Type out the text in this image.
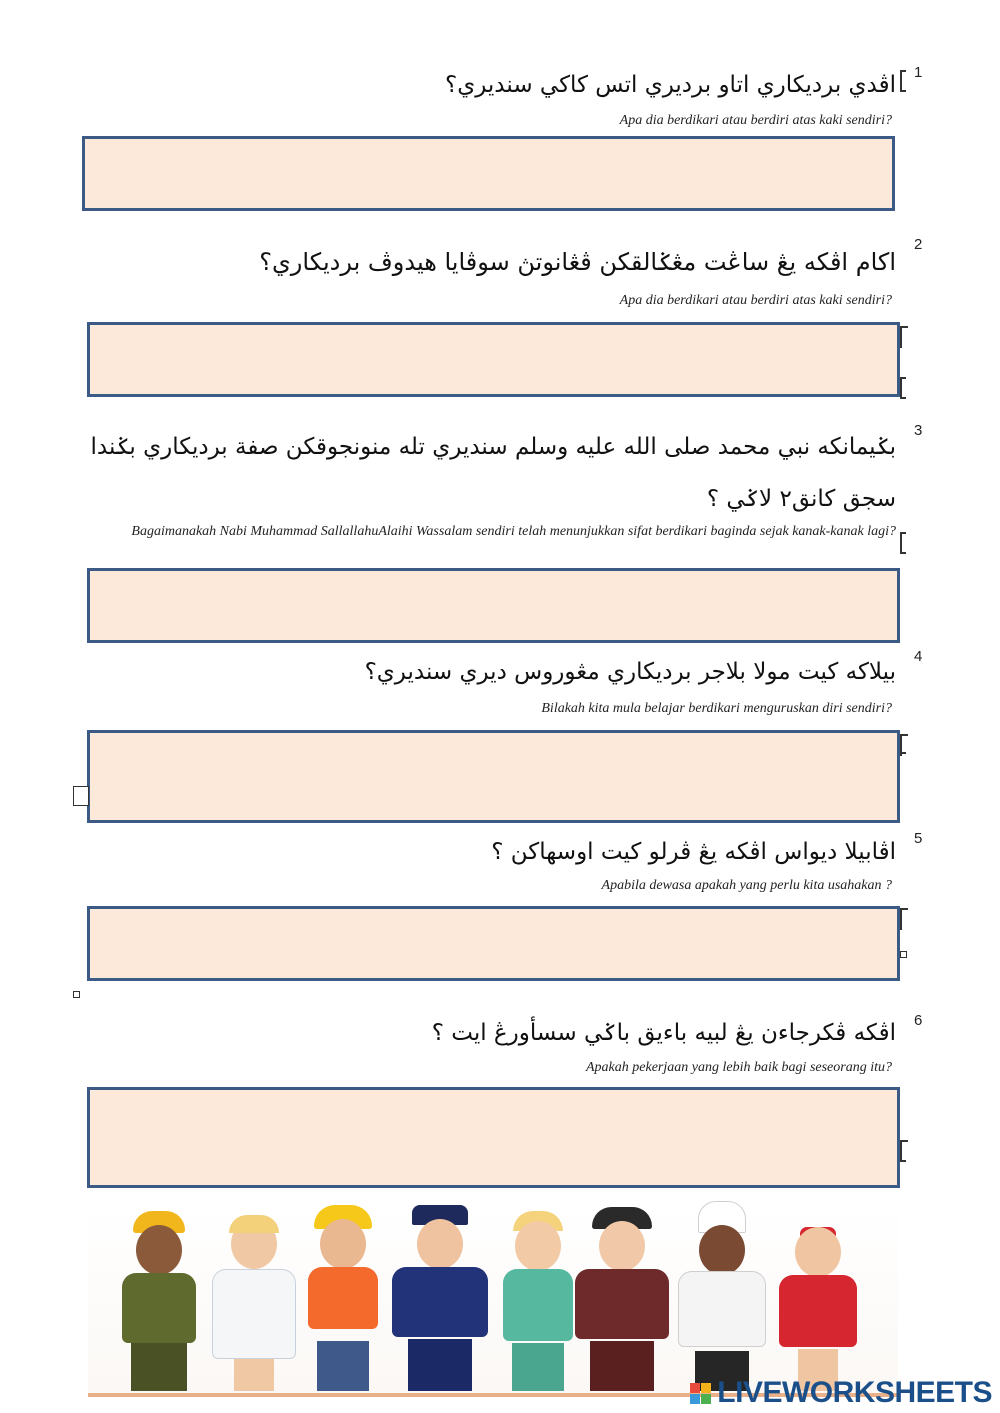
1
اڤدي برديكاري اتاو برديري اتس كاكي سنديري؟
Apa dia berdikari atau berdiri atas kaki sendiri?
2
اكام اڤكه يڠ ساڠت مڠݢالقكن ڤڠانوتڽ سوڤايا هيدوڤ برديكاري؟
Apa dia berdikari atau berdiri atas kaki sendiri?
3
بݢيمانكه نبي محمد صلى الله عليه وسلم سنديري تله منونجوقكن صفة برديكاري بݢندا سجق كانق٢ لاݢي ؟
Bagaimanakah Nabi Muhammad SallallahuAlaihi Wassalam sendiri telah menunjukkan sifat berdikari baginda sejak kanak-kanak lagi?
4
بيلاكه كيت مولا بلاجر برديكاري مڠوروس ديري سنديري؟
Bilakah kita mula belajar berdikari menguruskan diri sendiri?
5
اڤابيلا ديواس اڤكه يڠ ڤرلو كيت اوسهاكن ؟
Apabila dewasa apakah yang perlu kita usahakan ?
6
اڤكه ڤكرجاءن يڠ لبيه باءيق باݢي سسأورڠ ايت ؟
Apakah pekerjaan yang lebih baik bagi seseorang itu?
LIVEWORKSHEETS
